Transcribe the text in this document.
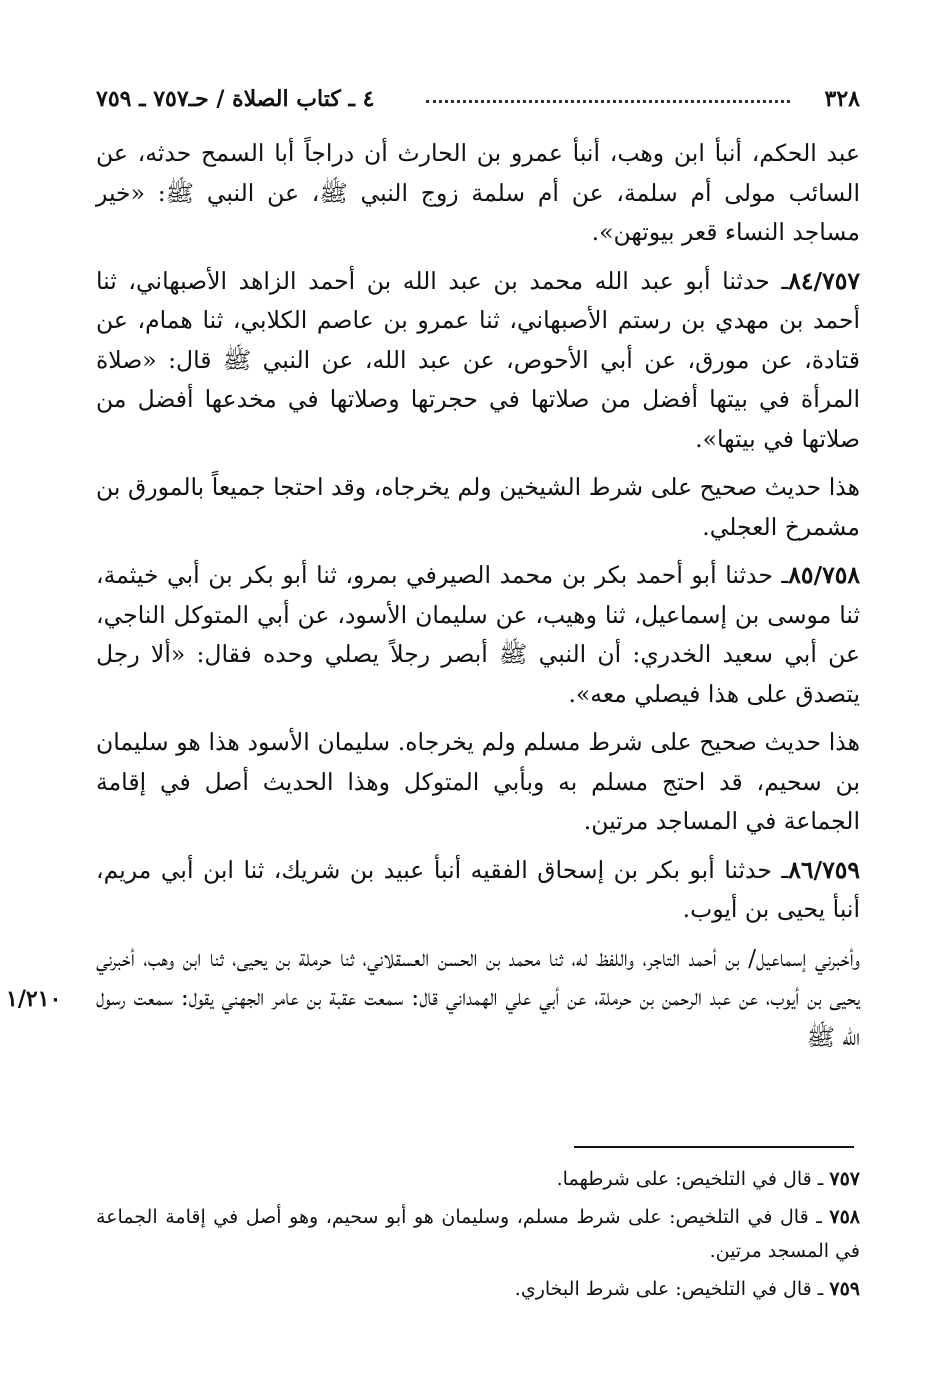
٣٢٨
٤ ـ كتاب الصلاة / حـ٧٥٧ ـ ٧٥٩

عبد الحكم، أنبأ ابن وهب، أنبأ عمرو بن الحارث أن دراجاً أبا السمح حدثه، عن السائب مولى أم سلمة، عن أم سلمة زوج النبي ﷺ، عن النبي ﷺ: «خير مساجد النساء قعر بيوتهن».

٨٤/٧٥٧ـ حدثنا أبو عبد الله محمد بن عبد الله بن أحمد الزاهد الأصبهاني، ثنا أحمد بن مهدي بن رستم الأصبهاني، ثنا عمرو بن عاصم الكلابي، ثنا همام، عن قتادة، عن مورق، عن أبي الأحوص، عن عبد الله، عن النبي ﷺ قال: «صلاة المرأة في بيتها أفضل من صلاتها في حجرتها وصلاتها في مخدعها أفضل من صلاتها في بيتها».

هذا حديث صحيح على شرط الشيخين ولم يخرجاه، وقد احتجا جميعاً بالمورق بن مشمرخ العجلي.

٨٥/٧٥٨ـ حدثنا أبو أحمد بكر بن محمد الصيرفي بمرو، ثنا أبو بكر بن أبي خيثمة، ثنا موسى بن إسماعيل، ثنا وهيب، عن سليمان الأسود، عن أبي المتوكل الناجي، عن أبي سعيد الخدري: أن النبي ﷺ أبصر رجلاً يصلي وحده فقال: «ألا رجل يتصدق على هذا فيصلي معه».

هذا حديث صحيح على شرط مسلم ولم يخرجاه. سليمان الأسود هذا هو سليمان بن سحيم، قد احتج مسلم به وبأبي المتوكل وهذا الحديث أصل في إقامة الجماعة في المساجد مرتين.

٨٦/٧٥٩ـ حدثنا أبو بكر بن إسحاق الفقيه أنبأ عبيد بن شريك، ثنا ابن أبي مريم، أنبأ يحيى بن أيوب.

وأخبرني إسماعيل/ بن أحمد التاجر، واللفظ له، ثنا محمد بن الحسن العسقلاني، ثنا حرملة بن يحيى، ثنا ابن وهب، أخبرني يحيى بن أيوب، عن عبد الرحمن بن حرملة، عن أبي علي الهمداني قال: سمعت عقبة بن عامر الجهني يقول: سمعت رسول الله ﷺ

١/٢١٠

٧٥٧ ـ قال في التلخيص: على شرطهما.

٧٥٨ ـ قال في التلخيص: على شرط مسلم، وسليمان هو أبو سحيم، وهو أصل في إقامة الجماعة في المسجد مرتين.

٧٥٩ ـ قال في التلخيص: على شرط البخاري.
